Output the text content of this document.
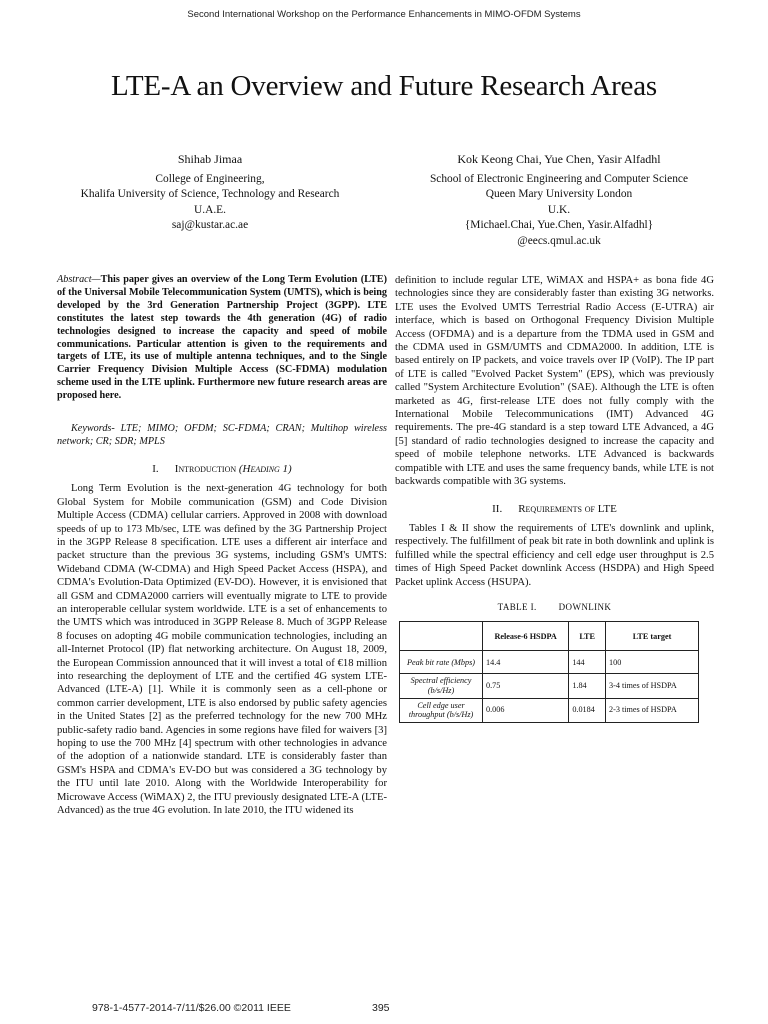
Second International Workshop on the Performance Enhancements in MIMO-OFDM Systems
LTE-A an Overview and Future Research Areas
Shihab Jimaa
College of Engineering,
Khalifa University of Science, Technology and Research
U.A.E.
saj@kustar.ac.ae
Kok Keong Chai, Yue Chen, Yasir Alfadhl
School of Electronic Engineering and Computer Science
Queen Mary University London
U.K.
{Michael.Chai, Yue.Chen, Yasir.Alfadhl}
@eecs.qmul.ac.uk

Abstract—This paper gives an overview of the Long Term Evolution (LTE) of the Universal Mobile Telecommunication System (UMTS), which is being developed by the 3rd Generation Partnership Project (3GPP). LTE constitutes the latest step towards the 4th generation (4G) of radio technologies designed to increase the capacity and speed of mobile communications. Particular attention is given to the requirements and targets of LTE, its use of multiple antenna techniques, and to the Single Carrier Frequency Division Multiple Access (SC-FDMA) modulation scheme used in the LTE uplink. Furthermore new future research areas are proposed here.

Keywords- LTE; MIMO; OFDM; SC-FDMA; CRAN; Multihop wireless network; CR; SDR; MPLS

I. Introduction (Heading 1)

Long Term Evolution is the next-generation 4G technology for both Global System for Mobile communication (GSM) and Code Division Multiple Access (CDMA) cellular carriers. Approved in 2008 with download speeds of up to 173 Mb/sec, LTE was defined by the 3G Partnership Project in the 3GPP Release 8 specification. LTE uses a different air interface and packet structure than the previous 3G systems, including GSM's UMTS: Wideband CDMA (W-CDMA) and High Speed Packet Access (HSPA), and CDMA's Evolution-Data Optimized (EV-DO). However, it is envisioned that all GSM and CDMA2000 carriers will eventually migrate to LTE to provide an interoperable cellular system worldwide. LTE is a set of enhancements to the UMTS which was introduced in 3GPP Release 8. Much of 3GPP Release 8 focuses on adopting 4G mobile communication technologies, including an all-Internet Protocol (IP) flat networking architecture. On August 18, 2009, the European Commission announced that it will invest a total of €18 million into researching the deployment of LTE and the certified 4G system LTE-Advanced (LTE-A) [1]. While it is commonly seen as a cell-phone or common carrier development, LTE is also endorsed by public safety agencies in the United States [2] as the preferred technology for the new 700 MHz public-safety radio band. Agencies in some regions have filed for waivers [3] hoping to use the 700 MHz [4] spectrum with other technologies in advance of the adoption of a nationwide standard. LTE is considerably faster than GSM's HSPA and CDMA's EV-DO but was considered a 3G technology by the ITU until late 2010. Along with the Worldwide Interoperability for Microwave Access (WiMAX) 2, the ITU previously designated LTE-A (LTE-Advanced) as the true 4G evolution. In late 2010, the ITU widened its

definition to include regular LTE, WiMAX and HSPA+ as bona fide 4G technologies since they are considerably faster than existing 3G networks. LTE uses the Evolved UMTS Terrestrial Radio Access (E-UTRA) air interface, which is based on Orthogonal Frequency Division Multiple Access (OFDMA) and is a departure from the TDMA used in GSM and the CDMA used in GSM/UMTS and CDMA2000. In addition, LTE is based entirely on IP packets, and voice travels over IP (VoIP). The IP part of LTE is called "Evolved Packet System" (EPS), which was previously called "System Architecture Evolution" (SAE). Although the LTE is often marketed as 4G, first-release LTE does not fully comply with the International Mobile Telecommunications (IMT) Advanced 4G requirements. The pre-4G standard is a step toward LTE Advanced, a 4G [5] standard of radio technologies designed to increase the capacity and speed of mobile telephone networks. LTE Advanced is backwards compatible with LTE and uses the same frequency bands, while LTE is not backwards compatible with 3G systems.

II. Requirements of LTE

Tables I & II show the requirements of LTE's downlink and uplink, respectively. The fulfillment of peak bit rate in both downlink and uplink is fulfilled while the spectral efficiency and cell edge user throughput is 2.5 times of High Speed Packet downlink Access (HSDPA) and High Speed Packet uplink Access (HSUPA).

TABLE I. DOWNLINK

	Release-6 HSDPA	LTE	LTE target
Peak bit rate (Mbps)	14.4	144	100
Spectral efficiency (b/s/Hz)	0.75	1.84	3-4 times of HSDPA
Cell edge user throughput (b/s/Hz)	0.006	0.0184	2-3 times of HSDPA
978-1-4577-2014-7/11/$26.00 ©2011 IEEE	395
